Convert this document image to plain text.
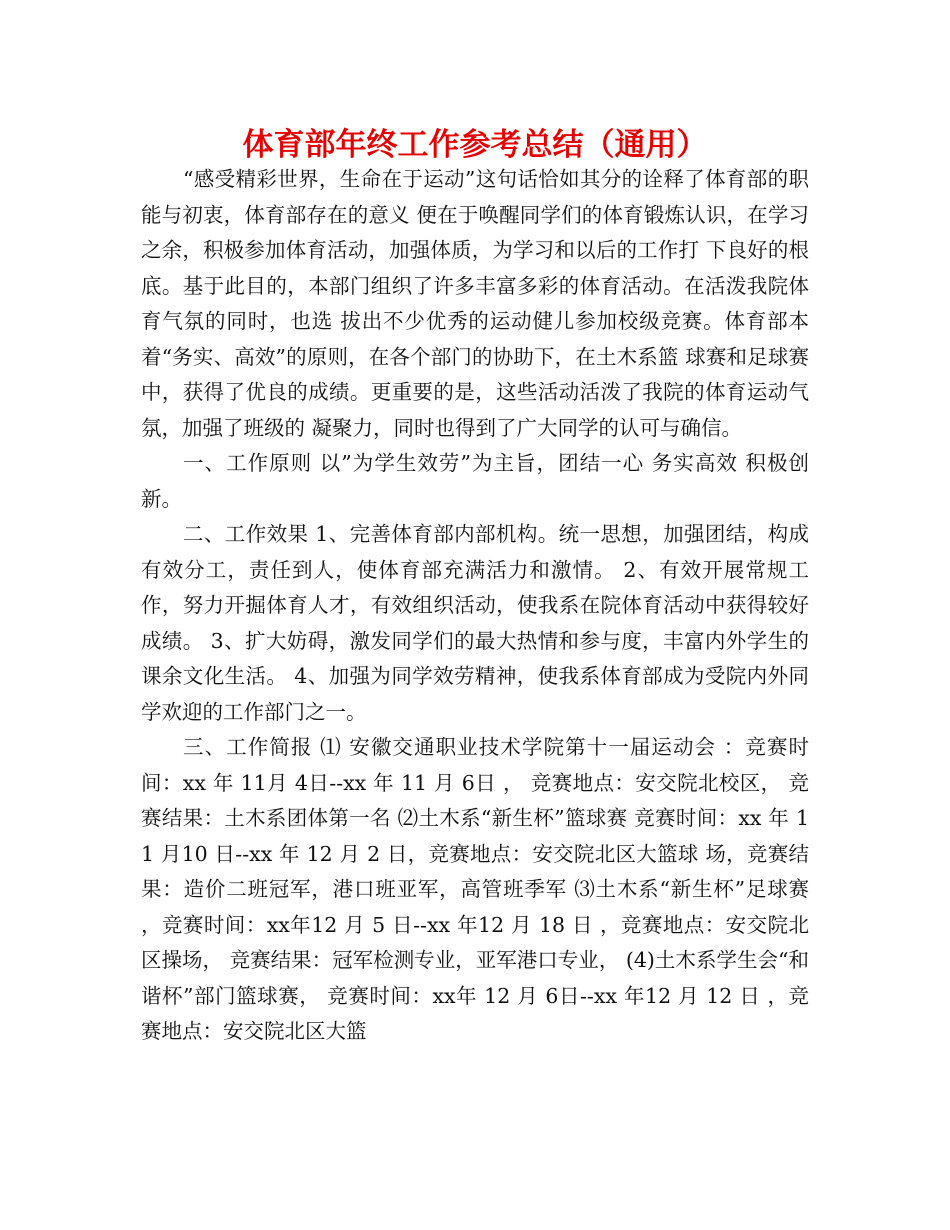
体育部年终工作参考总结（通用）

“感受精彩世界，生命在于运动”这句话恰如其分的诠释了体育部的职能与初衷，体育部存在的意义 便在于唤醒同学们的体育锻炼认识，在学习之余，积极参加体育活动，加强体质，为学习和以后的工作打 下良好的根底。基于此目的，本部门组织了许多丰富多彩的体育活动。在活泼我院体育气氛的同时，也选 拔出不少优秀的运动健儿参加校级竞赛。体育部本着“务实、高效”的原则，在各个部门的协助下，在土木系篮 球赛和足球赛中，获得了优良的成绩。更重要的是，这些活动活泼了我院的体育运动气氛，加强了班级的 凝聚力，同时也得到了广大同学的认可与确信。

一、工作原则 以”为学生效劳”为主旨，团结一心 务实高效 积极创新。

二、工作效果 1、完善体育部内部机构。统一思想，加强团结，构成有效分工，责任到人，使体育部充满活力和激情。 2、有效开展常规工作，努力开掘体育人才，有效组织活动，使我系在院体育活动中获得较好成绩。 3、扩大妨碍，激发同学们的最大热情和参与度，丰富内外学生的课余文化生活。 4、加强为同学效劳精神，使我系体育部成为受院内外同学欢迎的工作部门之一。

三、工作简报 ⑴ 安徽交通职业技术学院第十一届运动会 ：竞赛时间：xx 年 11月 4日--xx 年 11 月 6日 ， 竞赛地点：安交院北校区， 竞赛结果：土木系团体第一名 ⑵土木系“新生杯”篮球赛 竞赛时间：xx 年 11 月10 日--xx 年 12 月 2 日，竞赛地点：安交院北区大篮球 场，竞赛结果：造价二班冠军，港口班亚军，高管班季军 ⑶土木系“新生杯”足球赛 ，竞赛时间：xx年12 月 5 日--xx 年12 月 18 日 ，竞赛地点：安交院北区操场， 竞赛结果：冠军检测专业，亚军港口专业， (4)土木系学生会“和谐杯”部门篮球赛， 竞赛时间：xx年 12 月 6日--xx 年12 月 12 日 ，竞赛地点：安交院北区大篮
